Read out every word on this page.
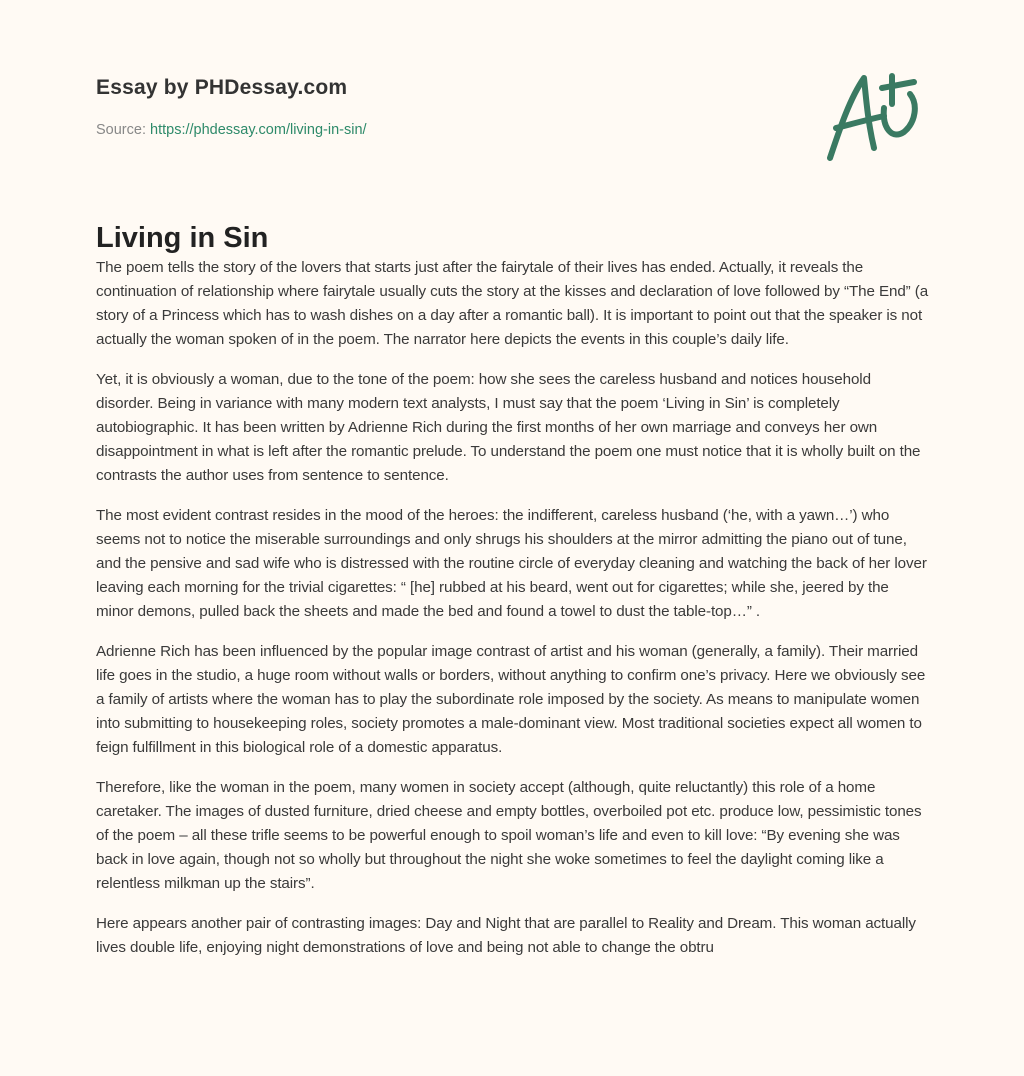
Essay by PHDessay.com
Source: https://phdessay.com/living-in-sin/
Living in Sin

The poem tells the story of the lovers that starts just after the fairytale of their lives has ended. Actually, it reveals the continuation of relationship where fairytale usually cuts the story at the kisses and declaration of love followed by “The End” (a story of a Princess which has to wash dishes on a day after a romantic ball). It is important to point out that the speaker is not actually the woman spoken of in the poem. The narrator here depicts the events in this couple’s daily life.

Yet, it is obviously a woman, due to the tone of the poem: how she sees the careless husband and notices household disorder. Being in variance with many modern text analysts, I must say that the poem ‘Living in Sin’ is completely autobiographic. It has been written by Adrienne Rich during the first months of her own marriage and conveys her own disappointment in what is left after the romantic prelude. To understand the poem one must notice that it is wholly built on the contrasts the author uses from sentence to sentence.

The most evident contrast resides in the mood of the heroes: the indifferent, careless husband (‘he, with a yawn…’) who seems not to notice the miserable surroundings and only shrugs his shoulders at the mirror admitting the piano out of tune, and the pensive and sad wife who is distressed with the routine circle of everyday cleaning and watching the back of her lover leaving each morning for the trivial cigarettes: “ [he] rubbed at his beard, went out for cigarettes; while she, jeered by the minor demons, pulled back the sheets and made the bed and found a towel to dust the table-top…” .

Adrienne Rich has been influenced by the popular image contrast of artist and his woman (generally, a family). Their married life goes in the studio, a huge room without walls or borders, without anything to confirm one’s privacy. Here we obviously see a family of artists where the woman has to play the subordinate role imposed by the society. As means to manipulate women into submitting to housekeeping roles, society promotes a male-dominant view. Most traditional societies expect all women to feign fulfillment in this biological role of a domestic apparatus.

Therefore, like the woman in the poem, many women in society accept (although, quite reluctantly) this role of a home caretaker. The images of dusted furniture, dried cheese and empty bottles, overboiled pot etc. produce low, pessimistic tones of the poem – all these trifle seems to be powerful enough to spoil woman’s life and even to kill love: “By evening she was back in love again, though not so wholly but throughout the night she woke sometimes to feel the daylight coming like a relentless milkman up the stairs”.

Here appears another pair of contrasting images: Day and Night that are parallel to Reality and Dream. This woman actually lives double life, enjoying night demonstrations of love and being not able to change the obtru
